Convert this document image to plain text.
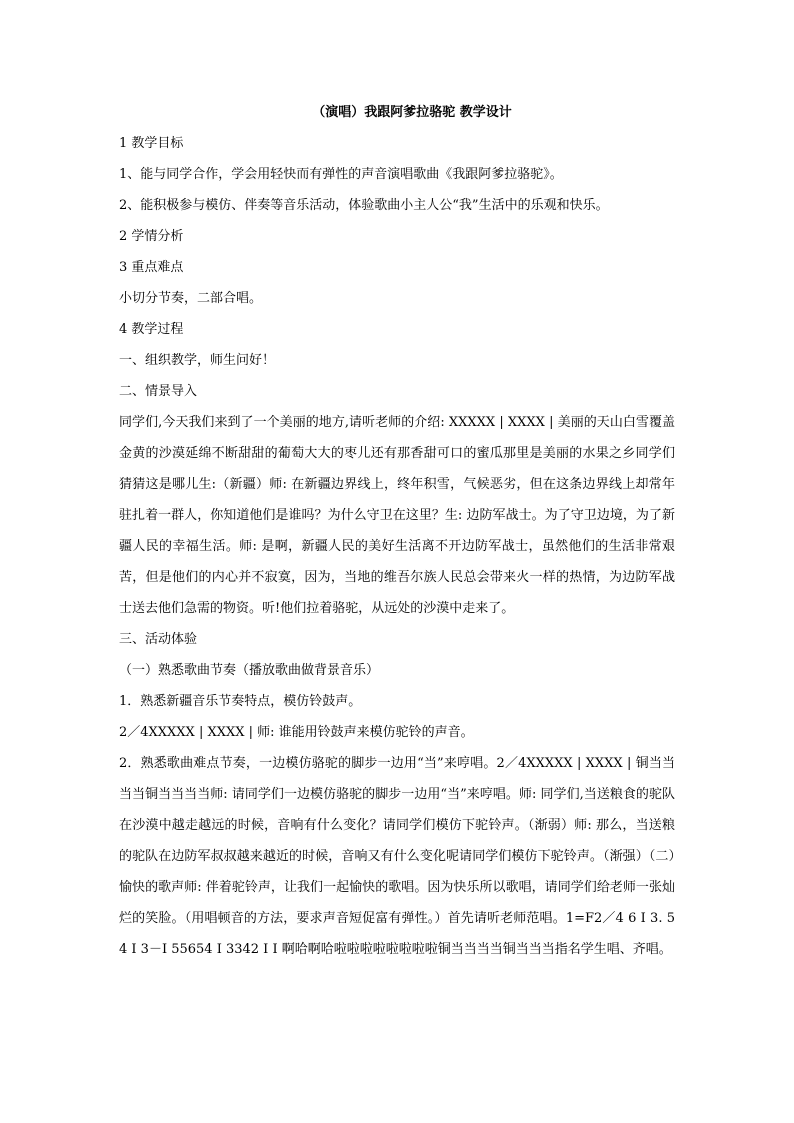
（演唱）我跟阿爹拉骆驼 教学设计

1 教学目标

1、能与同学合作，学会用轻快而有弹性的声音演唱歌曲《我跟阿爹拉骆驼》。

2、能积极参与模仿、伴奏等音乐活动，体验歌曲小主人公“我”生活中的乐观和快乐。

2 学情分析

3 重点难点

小切分节奏，二部合唱。

4 教学过程

一、组织教学，师生问好！

二、情景导入

同学们,今天我们来到了一个美丽的地方,请听老师的介绍: XXXXX | XXXX | 美丽的天山白雪覆盖金黄的沙漠延绵不断甜甜的葡萄大大的枣儿还有那香甜可口的蜜瓜那里是美丽的水果之乡同学们猜猜这是哪儿生:（新疆）师: 在新疆边界线上，终年积雪，气候恶劣，但在这条边界线上却常年驻扎着一群人，你知道他们是谁吗？为什么守卫在这里？生: 边防军战士。为了守卫边境，为了新疆人民的幸福生活。师: 是啊，新疆人民的美好生活离不开边防军战士，虽然他们的生活非常艰苦，但是他们的内心并不寂寞，因为，当地的维吾尔族人民总会带来火一样的热情，为边防军战士送去他们急需的物资。听!他们拉着骆驼，从远处的沙漠中走来了。

三、活动体验

（一）熟悉歌曲节奏（播放歌曲做背景音乐）

1．熟悉新疆音乐节奏特点，模仿铃鼓声。

2／4XXXXX | XXXX | 师: 谁能用铃鼓声来模仿驼铃的声音。

2．熟悉歌曲难点节奏，一边模仿骆驼的脚步一边用“当”来哼唱。2／4XXXXX | XXXX | 铜当当当当铜当当当当师: 请同学们一边模仿骆驼的脚步一边用“当”来哼唱。师: 同学们,当送粮食的驼队在沙漠中越走越远的时候，音响有什么变化？请同学们模仿下驼铃声。（渐弱）师: 那么，当送粮的驼队在边防军叔叔越来越近的时候，音响又有什么变化呢请同学们模仿下驼铃声。（渐强）（二）愉快的歌声师: 伴着驼铃声，让我们一起愉快的歌唱。因为快乐所以歌唱，请同学们给老师一张灿烂的笑脸。（用唱顿音的方法，要求声音短促富有弹性。）首先请听老师范唱。1=F2／4 6 I 3. 5 4 I 3－I 55654 I 3342 I I 啊哈啊哈啦啦啦啦啦啦啦啦铜当当当当铜当当当指名学生唱、齐唱。
